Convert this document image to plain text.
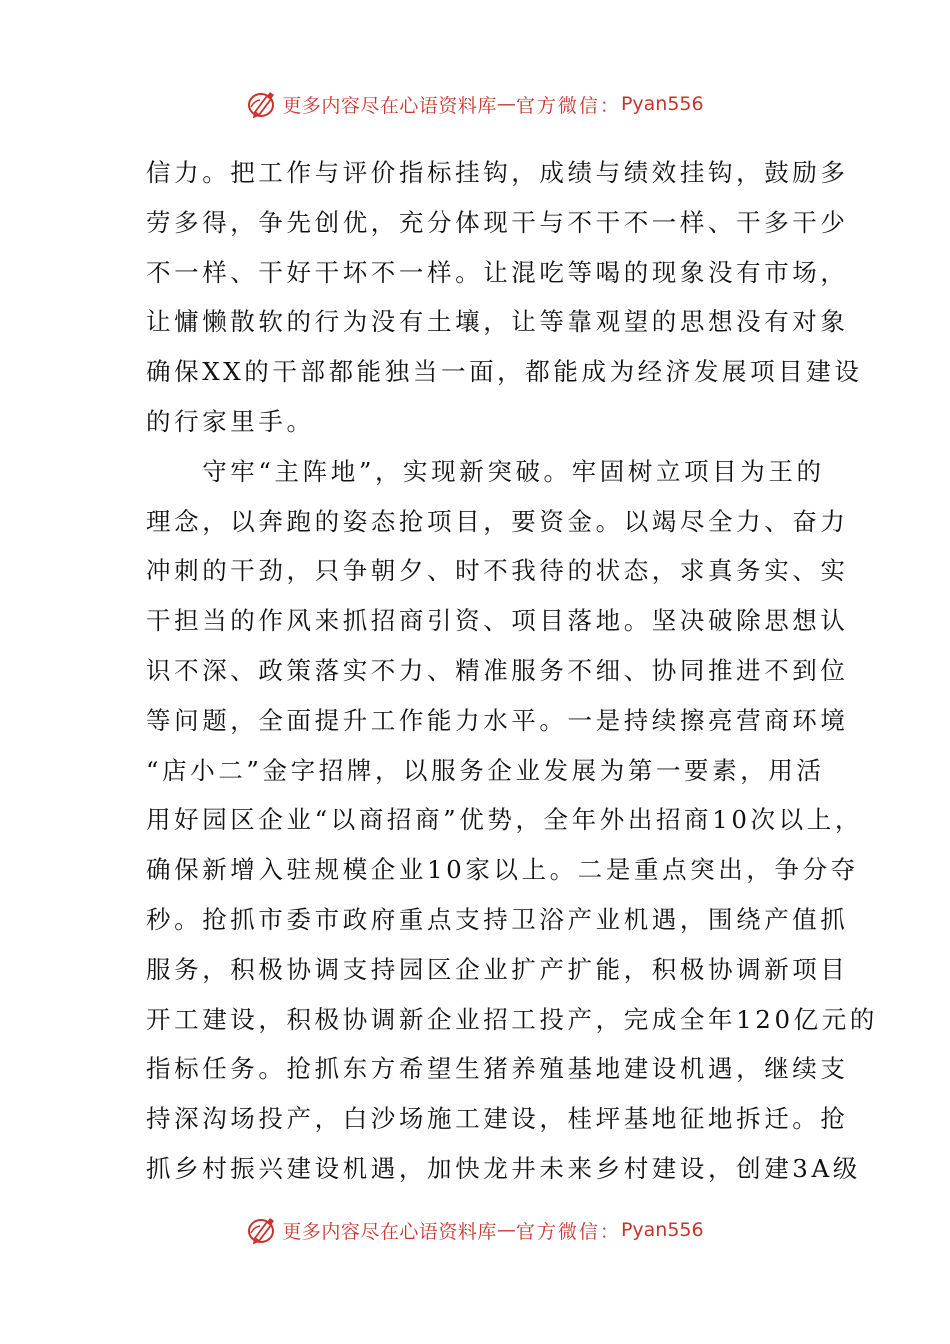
更多内容尽在心语资料库 — 官方微信： Pyan556
信力。把工作与评价指标挂钩，成绩与绩效挂钩，鼓励多
劳多得，争先创优，充分体现干与不干不一样、干多干少
不一样、干好干坏不一样。让混吃等喝的现象没有市场，
让慵懒散软的行为没有土壤，让等靠观望的思想没有对象
确保XX的干部都能独当一面，都能成为经济发展项目建设
的行家里手。
　　守牢“主阵地”，实现新突破。牢固树立项目为王的
理念，以奔跑的姿态抢项目，要资金。以竭尽全力、奋力
冲刺的干劲，只争朝夕、时不我待的状态，求真务实、实
干担当的作风来抓招商引资、项目落地。坚决破除思想认
识不深、政策落实不力、精准服务不细、协同推进不到位
等问题，全面提升工作能力水平。一是持续擦亮营商环境
“店小二”金字招牌，以服务企业发展为第一要素，用活
用好园区企业“以商招商”优势，全年外出招商10次以上，
确保新增入驻规模企业10家以上。二是重点突出，争分夺
秒。抢抓市委市政府重点支持卫浴产业机遇，围绕产值抓
服务，积极协调支持园区企业扩产扩能，积极协调新项目
开工建设，积极协调新企业招工投产，完成全年120亿元的
指标任务。抢抓东方希望生猪养殖基地建设机遇，继续支
持深沟场投产，白沙场施工建设，桂坪基地征地拆迁。抢
抓乡村振兴建设机遇，加快龙井未来乡村建设，创建3A级
更多内容尽在心语资料库 — 官方微信： Pyan556
